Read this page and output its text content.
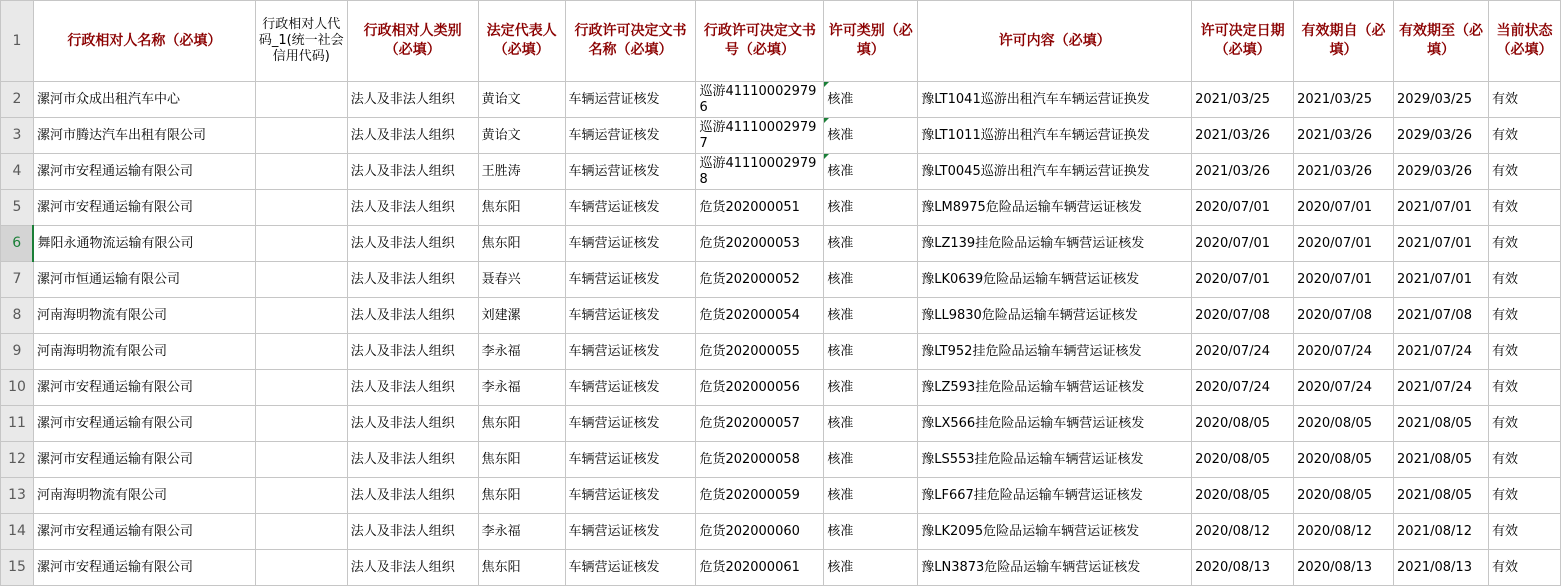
1	行政相对人名称（必填）	行政相对人代码_1(统一社会信用代码)	行政相对人类别（必填）	法定代表人（必填）	行政许可决定文书名称（必填）	行政许可决定文书号（必填）	许可类别（必填）	许可内容（必填）	许可决定日期（必填）	有效期自（必填）	有效期至（必填）	当前状态（必填）
2	漯河市众成出租汽车中心		法人及非法人组织	黄诒文	车辆运营证核发	巡游411100029796	核准	豫LT1041巡游出租汽车车辆运营证换发	2021/03/25	2021/03/25	2029/03/25	有效
3	漯河市腾达汽车出租有限公司		法人及非法人组织	黄诒文	车辆运营证核发	巡游411100029797	核准	豫LT1011巡游出租汽车车辆运营证换发	2021/03/26	2021/03/26	2029/03/26	有效
4	漯河市安程通运输有限公司		法人及非法人组织	王胜涛	车辆运营证核发	巡游411100029798	核准	豫LT0045巡游出租汽车车辆运营证换发	2021/03/26	2021/03/26	2029/03/26	有效
5	漯河市安程通运输有限公司		法人及非法人组织	焦东阳	车辆营运证核发	危货202000051	核准	豫LM8975危险品运输车辆营运证核发	2020/07/01	2020/07/01	2021/07/01	有效
6	舞阳永通物流运输有限公司		法人及非法人组织	焦东阳	车辆营运证核发	危货202000053	核准	豫LZ139挂危险品运输车辆营运证核发	2020/07/01	2020/07/01	2021/07/01	有效
7	漯河市恒通运输有限公司		法人及非法人组织	聂春兴	车辆营运证核发	危货202000052	核准	豫LK0639危险品运输车辆营运证核发	2020/07/01	2020/07/01	2021/07/01	有效
8	河南海明物流有限公司		法人及非法人组织	刘建漯	车辆营运证核发	危货202000054	核准	豫LL9830危险品运输车辆营运证核发	2020/07/08	2020/07/08	2021/07/08	有效
9	河南海明物流有限公司		法人及非法人组织	李永福	车辆营运证核发	危货202000055	核准	豫LT952挂危险品运输车辆营运证核发	2020/07/24	2020/07/24	2021/07/24	有效
10	漯河市安程通运输有限公司		法人及非法人组织	李永福	车辆营运证核发	危货202000056	核准	豫LZ593挂危险品运输车辆营运证核发	2020/07/24	2020/07/24	2021/07/24	有效
11	漯河市安程通运输有限公司		法人及非法人组织	焦东阳	车辆营运证核发	危货202000057	核准	豫LX566挂危险品运输车辆营运证核发	2020/08/05	2020/08/05	2021/08/05	有效
12	漯河市安程通运输有限公司		法人及非法人组织	焦东阳	车辆营运证核发	危货202000058	核准	豫LS553挂危险品运输车辆营运证核发	2020/08/05	2020/08/05	2021/08/05	有效
13	河南海明物流有限公司		法人及非法人组织	焦东阳	车辆营运证核发	危货202000059	核准	豫LF667挂危险品运输车辆营运证核发	2020/08/05	2020/08/05	2021/08/05	有效
14	漯河市安程通运输有限公司		法人及非法人组织	李永福	车辆营运证核发	危货202000060	核准	豫LK2095危险品运输车辆营运证核发	2020/08/12	2020/08/12	2021/08/12	有效
15	漯河市安程通运输有限公司		法人及非法人组织	焦东阳	车辆营运证核发	危货202000061	核准	豫LN3873危险品运输车辆营运证核发	2020/08/13	2020/08/13	2021/08/13	有效
